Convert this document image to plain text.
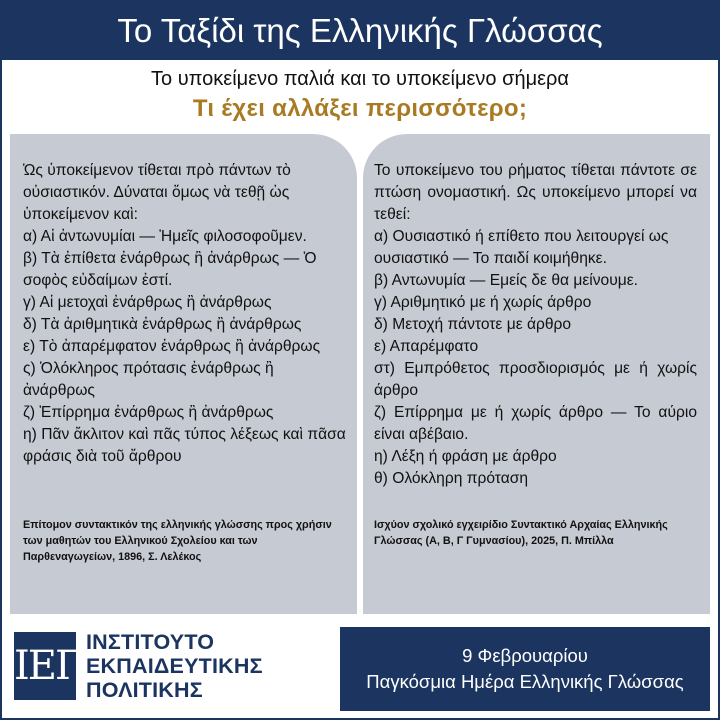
Το Ταξίδι της Ελληνικής Γλώσσας
Το υποκείμενο παλιά και το υποκείμενο σήμερα
Τι έχει αλλάξει περισσότερο;

Ὡς ὑποκείμενον τίθεται πρὸ πάντων τὸ οὐσιαστικόν. Δύναται ὅμως νὰ τεθῇ ὡς ὑποκείμενον καὶ:

α) Αἱ ἀντωνυμίαι — Ἡμεῖς φιλοσοφοῦμεν.

β) Τὰ ἐπίθετα ἐνάρθρως ἢ ἀνάρθρως — Ὁ σοφὸς εὐδαίμων ἐστί.

γ) Αἱ μετοχαὶ ἐνάρθρως ἢ ἀνάρθρως

δ) Τὰ ἀριθμητικὰ ἐνάρθρως ἢ ἀνάρθρως

ε) Τὸ ἀπαρέμφατον ἐνάρθρως ἢ ἀνάρθρως

ς) Ὁλόκληρος πρότασις ἐνάρθρως ἢ ἀνάρθρως

ζ) Ἐπίρρημα ἐνάρθρως ἢ ἀνάρθρως

η) Πᾶν ἄκλιτον καὶ πᾶς τύπος λέξεως καὶ πᾶσα φράσις διὰ τοῦ ἄρθρου

Επίτομον συντακτικόν της ελληνικής γλώσσης προς χρήσιν των μαθητών του Ελληνικού Σχολείου και των Παρθεναγωγείων, 1896, Σ. Λελέκος

Το υποκείμενο του ρήματος τίθεται πάντοτε σε πτώση ονομαστική. Ως υποκείμενο μπορεί να τεθεί:

α) Ουσιαστικό ή επίθετο που λειτουργεί ως ουσιαστικό — Το παιδί κοιμήθηκε.

β) Αντωνυμία — Εμείς δε θα μείνουμε.

γ) Αριθμητικό με ή χωρίς άρθρο

δ) Μετοχή πάντοτε με άρθρο

ε) Απαρέμφατο

στ) Εμπρόθετος προσδιορισμός με ή χωρίς άρθρο

ζ) Επίρρημα με ή χωρίς άρθρο — Το αύριο είναι αβέβαιο.

η) Λέξη ή φράση με άρθρο

θ) Ολόκληρη πρόταση

Ισχύον σχολικό εγχειρίδιο Συντακτικό Αρχαίας Ελληνικής Γλώσσας (Α, Β, Γ Γυμνασίου), 2025, Π. Μπίλλα
ΙΕΠ
ΙΝΣΤΙΤΟΥΤΟ
ΕΚΠΑΙΔΕΥΤΙΚΗΣ
ΠΟΛΙΤΙΚΗΣ
9 Φεβρουαρίου
Παγκόσμια Ημέρα Ελληνικής Γλώσσας
